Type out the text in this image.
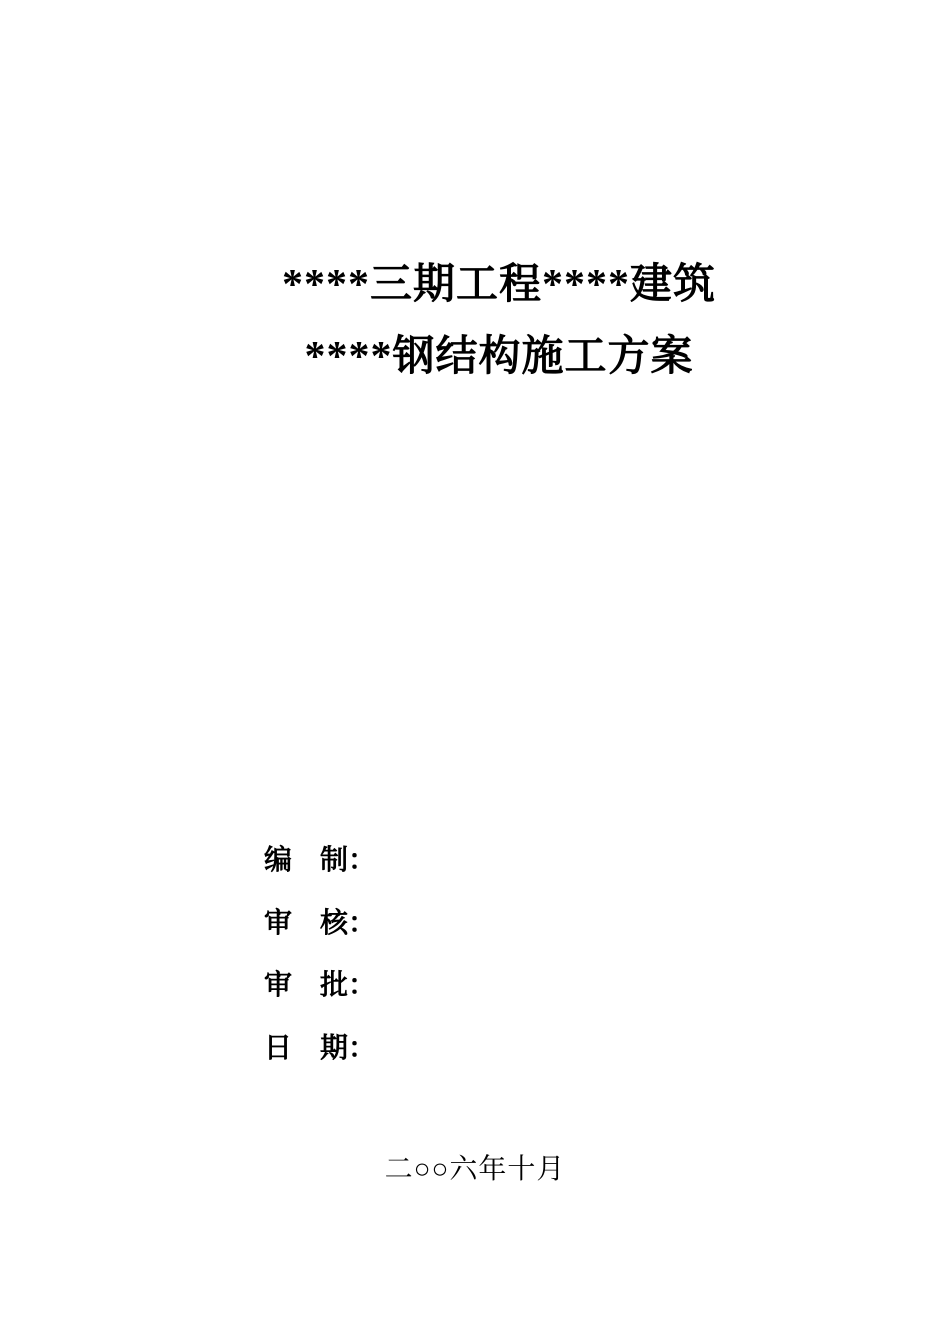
****三期工程****建筑
****钢结构施工方案
编　制：
审　核：
审　批：
日　期：
二○○六年十月
